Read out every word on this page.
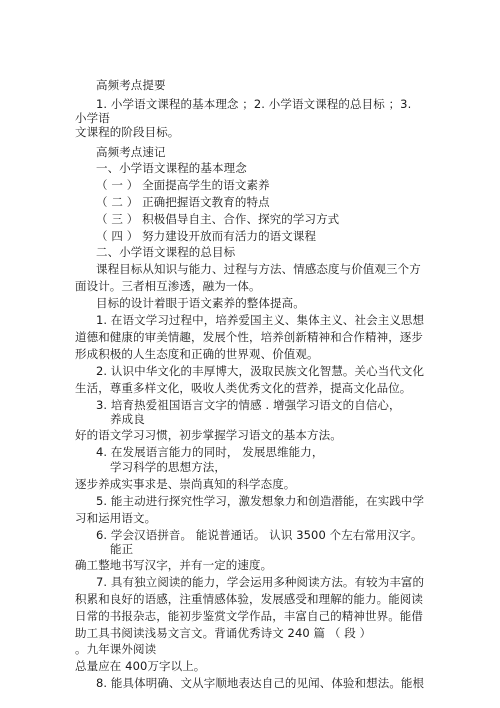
高频考点提要
1. 小学语文课程的基本理念 ；2. 小学语文课程的总目标 ；3.
小学语
文课程的阶段目标。
高频考点速记
一、小学语文课程的基本理念
（ 一 ） 全面提高学生的语文素养
（ 二 ） 正确把握语文教育的特点
（ 三 ） 积极倡导自主、合作、探究的学习方式
（ 四 ） 努力建设开放而有活力的语文课程
二、小学语文课程的总目标
课程目标从知识与能力、过程与方法、情感态度与价值观三个方
面设计。三者相互渗透，融为一体。
目标的设计着眼于语文素养的整体提高。
1. 在语文学习过程中，培养爱国主义、集体主义、社会主义思想
道德和健康的审美情趣，发展个性，培养创新精神和合作精神，逐步
形成积极的人生态度和正确的世界观、价值观。
2. 认识中华文化的丰厚博大，汲取民族文化智慧。关心当代文化
生活，尊重多样文化，吸收人类优秀文化的营养，提高文化品位。
3. 培育热爱祖国语言文字的情感 . 增强学习语文的自信心，
养成良
好的语文学习习惯，初步掌握学习语文的基本方法。
4. 在发展语言能力的同时， 发展思维能力，
学习科学的思想方法，
逐步养成实事求是、崇尚真知的科学态度。
5. 能主动进行探究性学习，激发想象力和创造潜能，在实践中学
习和运用语文。
6. 学会汉语拼音。 能说普通话。 认识 3500 个左右常用汉字。
能正
确工整地书写汉字，并有一定的速度。
7. 具有独立阅读的能力，学会运用多种阅读方法。有较为丰富的
积累和良好的语感，注重情感体验，发展感受和理解的能力。能阅读
日常的书报杂志，能初步鉴赏文学作品，丰富自己的精神世界。能借
助工具书阅读浅易文言文。背诵优秀诗文 240 篇 （ 段 ）
。九年课外阅读
总量应在 400万字以上。
8. 能具体明确、文从字顺地表达自己的见闻、体验和想法。能根
